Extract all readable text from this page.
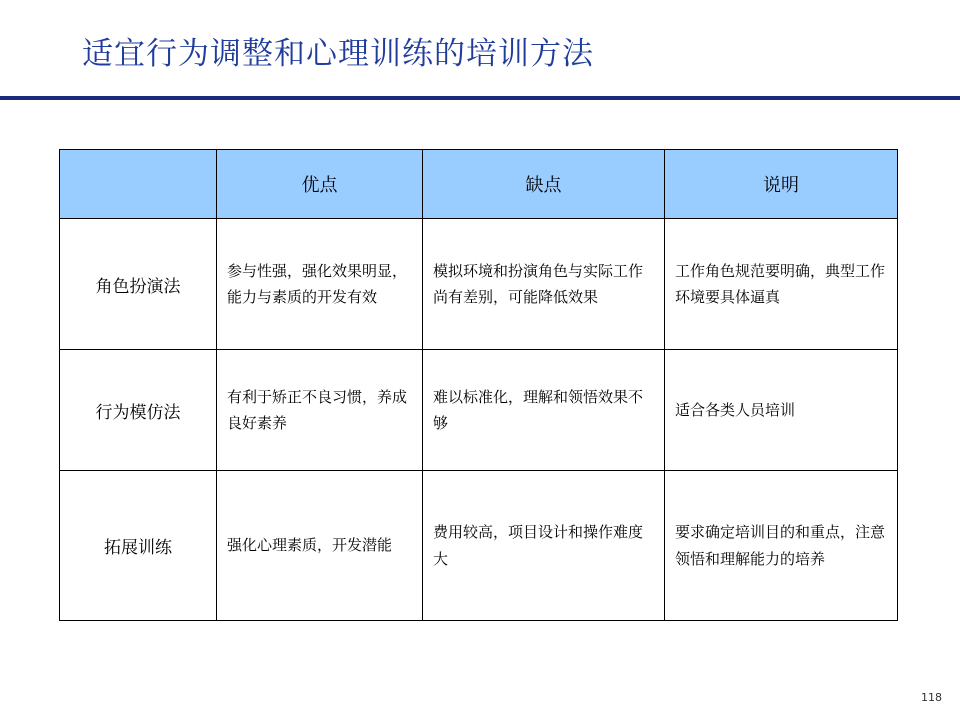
适宜行为调整和心理训练的培训方法
	优点	缺点	说明
角色扮演法	参与性强，强化效果明显，能力与素质的开发有效	模拟环境和扮演角色与实际工作尚有差别，可能降低效果	工作角色规范要明确，典型工作环境要具体逼真
行为模仿法	有利于矫正不良习惯，养成良好素养	难以标准化，理解和领悟效果不够	适合各类人员培训
拓展训练	强化心理素质，开发潜能	费用较高，项目设计和操作难度大	要求确定培训目的和重点，注意领悟和理解能力的培养
118
